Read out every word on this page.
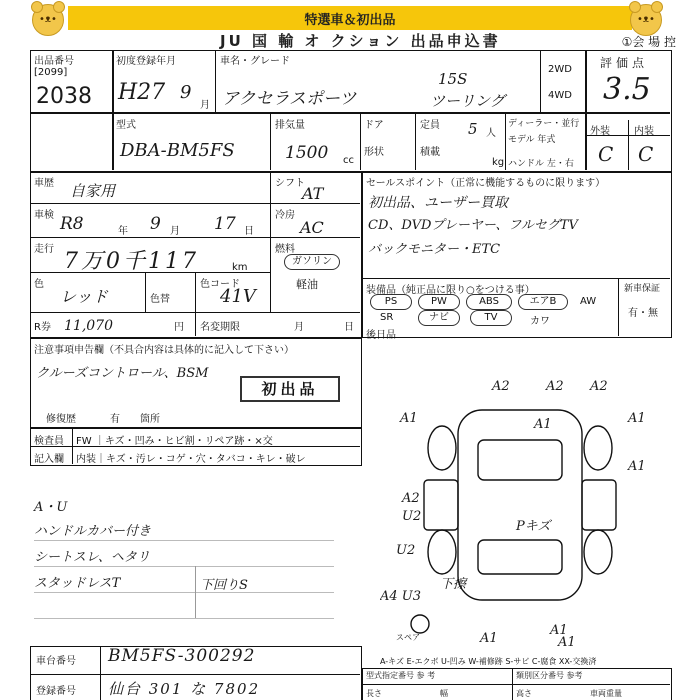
特選車＆初出品
•ᴥ•	•ᴥ•
JU 国 輸 オ クション 出品申込書	①会 場 控
出品番号
[2099]
2038
初度登録年月
H27 9
月
車名・グレード
アクセラスポーツ
15S
ツーリング
2WD
4WD
評価点
3.5
型式
DBA-BM5FS
排気量
1500 cc
ドア
形状
定員 5 人
積載
kg
ディーラー・並行
モデル 年式
ハンドル 左・右
外装 内装
C C
車歴 自家用	シフト
AT
車検 R8	年 9 月 17 日
冷房
AC
走行 7万0千117	km
燃料
ガソリン
軽油
色
レッド	色替
色コード
41V
R券 11,070	円 名変期限	月	日
セールスポイント（正常に機能するものに限ります）
初出品、ユーザー買取
CD、DVDプレーヤー、フルセグTV
バックモニター・ETC
装備品（純正品に限り○をつける事）	新車保証
有・無
PS	PW	ABS	エアB	AW
SR	ナビ	TV	カワ
後日品
注意事項申告欄（不具合内容は具体的に記入して下さい）
クルーズコントロール、BSM
初出品
修復歴	有 箇所
検査員
記入欄
FW ｜キズ・凹み・ヒビ割・リペア跡・×交
内装｜キズ・汚レ・コゲ・穴・タバコ・キレ・破レ
A・U
ハンドルカバー付き
シートスレ、ヘタリ
スタッドレスT	下回りS
A2	A2 A2
A1
A1	A1
A1
A2
U2
Pキズ
U2
A4 U3
下擦
A1
A1
A1
スペア
A-キズ E-エクボ U-凹み W-補修跡 S-サビ C-腐食 XX-交換済
車台番号 BM5FS-300292
登録番号 仙台 301 な 7802
型式指定番号 参 考	類別区分番号 参考
長さ	幅	高さ	車両重量
